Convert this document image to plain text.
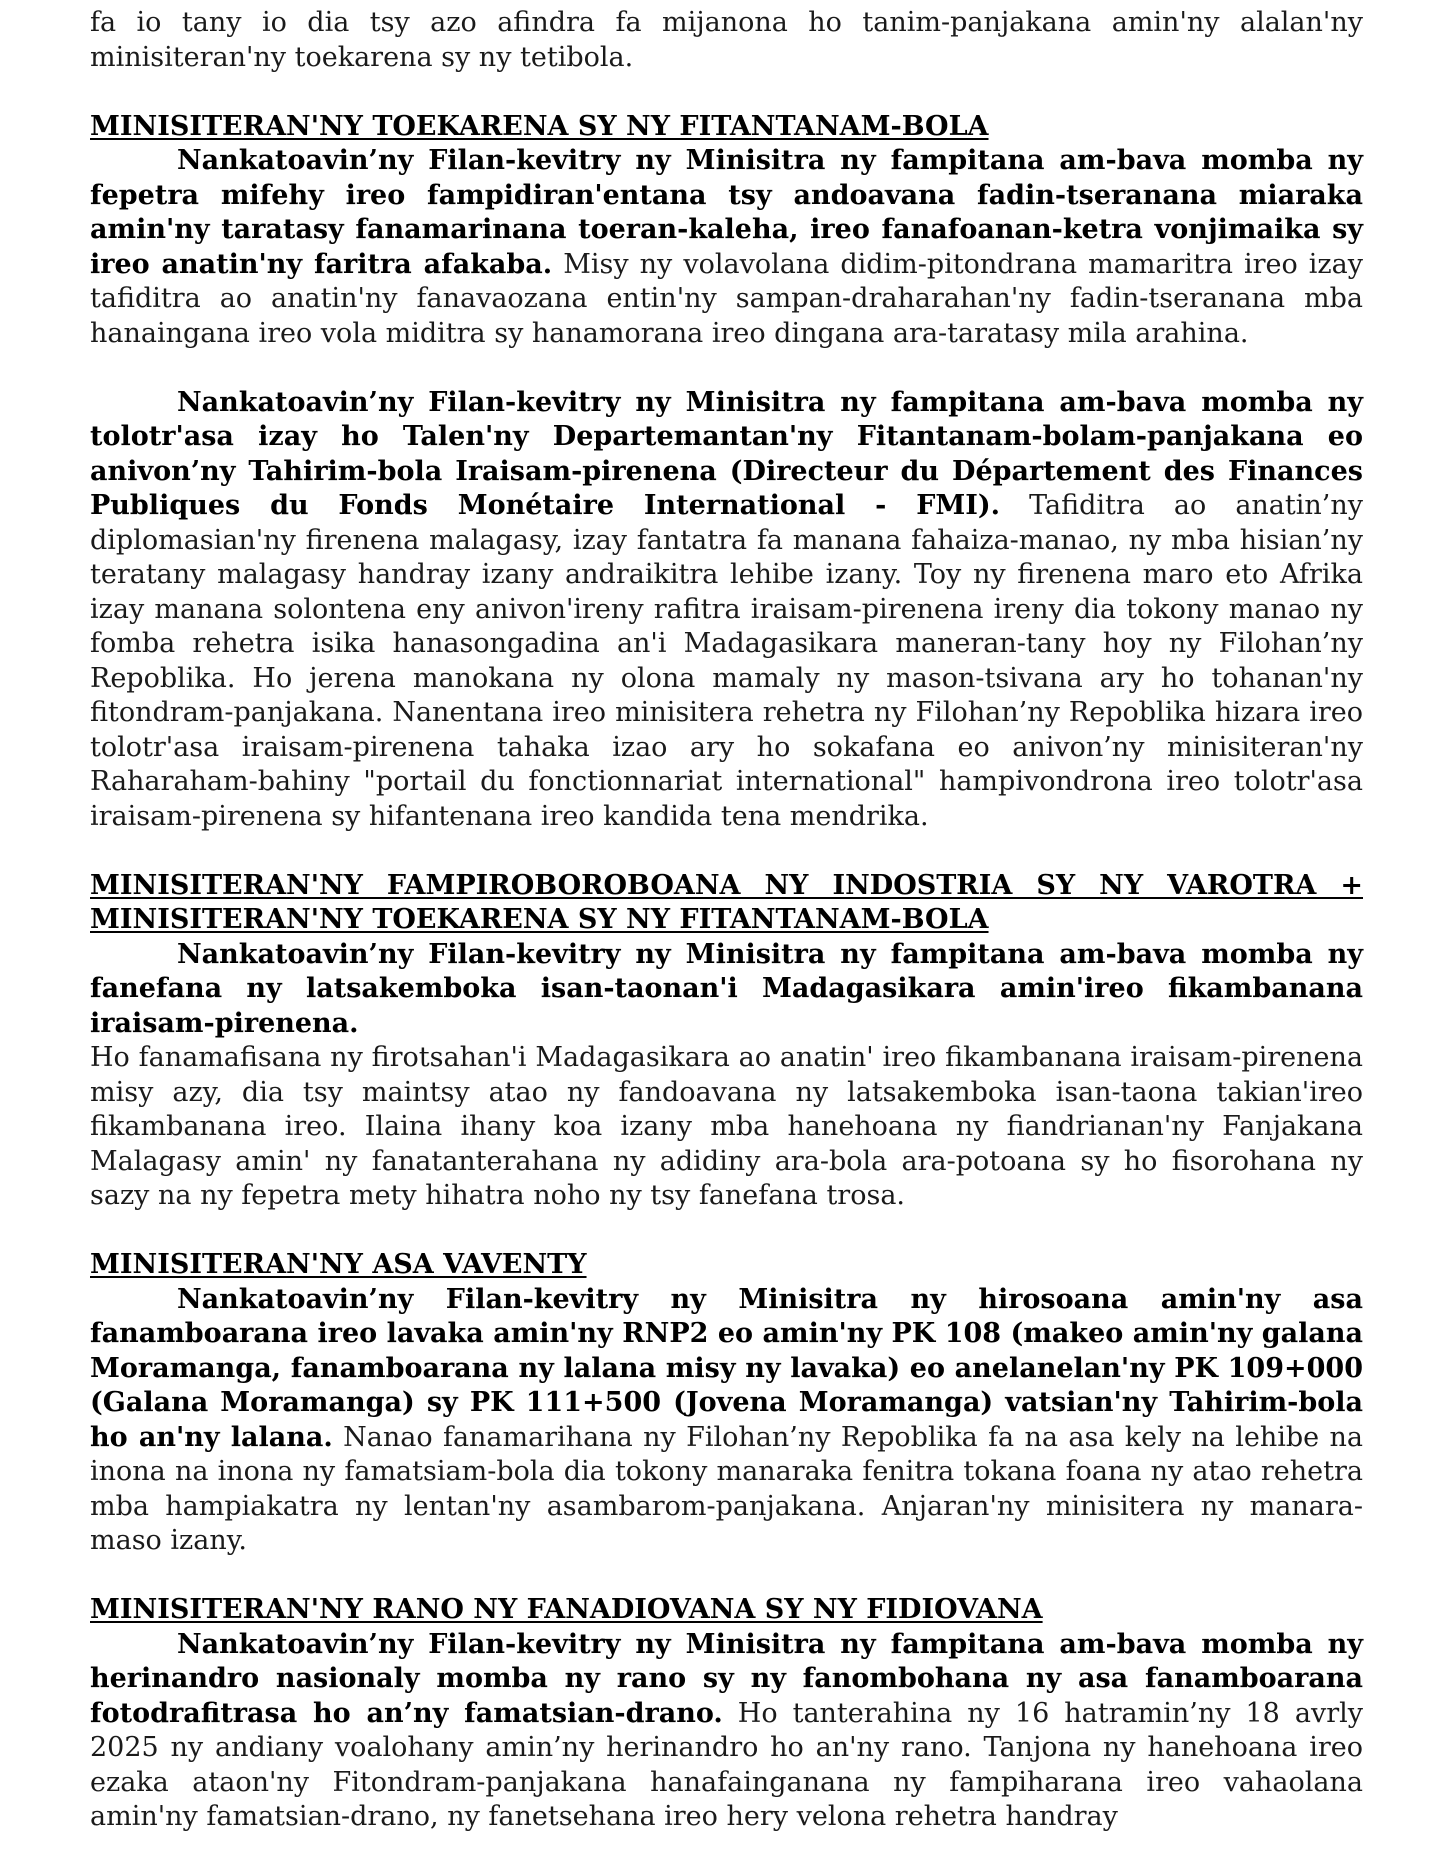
fa io tany io dia tsy azo afindra fa mijanona ho tanim-panjakana amin'ny alalan'ny minisiteran'ny toekarena sy ny tetibola.

MINISITERAN'NY TOEKARENA SY NY FITANTANAM-BOLA

Nankatoavin’ny Filan-kevitry ny Minisitra ny fampitana am-bava momba ny fepetra mifehy ireo fampidiran'entana tsy andoavana fadin-tseranana miaraka amin'ny taratasy fanamarinana toeran-kaleha, ireo fanafoanan-ketra vonjimaika sy ireo anatin'ny faritra afakaba. Misy ny volavolana didim-pitondrana mamaritra ireo izay tafiditra ao anatin'ny fanavaozana entin'ny sampan-draharahan'ny fadin-tseranana mba hanaingana ireo vola miditra sy hanamorana ireo dingana ara-taratasy mila arahina.

Nankatoavin’ny Filan-kevitry ny Minisitra ny fampitana am-bava momba ny tolotr'asa izay ho Talen'ny Departemantan'ny Fitantanam-bolam-panjakana eo anivon’ny Tahirim-bola Iraisam-pirenena (Directeur du Département des Finances Publiques du Fonds Monétaire International - FMI). Tafiditra ao anatin’ny diplomasian'ny firenena malagasy, izay fantatra fa manana fahaiza-manao, ny mba hisian’ny teratany malagasy handray izany andraikitra lehibe izany. Toy ny firenena maro eto Afrika izay manana solontena eny anivon'ireny rafitra iraisam-pirenena ireny dia tokony manao ny fomba rehetra isika hanasongadina an'i Madagasikara maneran-tany hoy ny Filohan’ny Repoblika. Ho jerena manokana ny olona mamaly ny mason-tsivana ary ho tohanan'ny fitondram-panjakana. Nanentana ireo minisitera rehetra ny Filohan’ny Repoblika hizara ireo tolotr'asa iraisam-pirenena tahaka izao ary ho sokafana eo anivon’ny minisiteran'ny Raharaham-bahiny "portail du fonctionnariat international" hampivondrona ireo tolotr'asa iraisam-pirenena sy hifantenana ireo kandida tena mendrika.

MINISITERAN'NY FAMPIROBOROBOANA NY INDOSTRIA SY NY VAROTRA + MINISITERAN'NY TOEKARENA SY NY FITANTANAM-BOLA

Nankatoavin’ny Filan-kevitry ny Minisitra ny fampitana am-bava momba ny fanefana ny latsakemboka isan-taonan'i Madagasikara amin'ireo fikambanana iraisam-pirenena.

Ho fanamafisana ny firotsahan'i Madagasikara ao anatin' ireo fikambanana iraisam-pirenena misy azy, dia tsy maintsy atao ny fandoavana ny latsakemboka isan-taona takian'ireo fikambanana ireo. Ilaina ihany koa izany mba hanehoana ny fiandrianan'ny Fanjakana Malagasy amin' ny fanatanterahana ny adidiny ara-bola ara-potoana sy ho fisorohana ny sazy na ny fepetra mety hihatra noho ny tsy fanefana trosa.

MINISITERAN'NY ASA VAVENTY

Nankatoavin’ny Filan-kevitry ny Minisitra ny hirosoana amin'ny asa fanamboarana ireo lavaka amin'ny RNP2 eo amin'ny PK 108 (makeo amin'ny galana Moramanga, fanamboarana ny lalana misy ny lavaka) eo anelanelan'ny PK 109+000 (Galana Moramanga) sy PK 111+500 (Jovena Moramanga) vatsian'ny Tahirim-bola ho an'ny lalana. Nanao fanamarihana ny Filohan’ny Repoblika fa na asa kely na lehibe na inona na inona ny famatsiam-bola dia tokony manaraka fenitra tokana foana ny atao rehetra mba hampiakatra ny lentan'ny asambarom-panjakana. Anjaran'ny minisitera ny manara-maso izany.

MINISITERAN'NY RANO NY FANADIOVANA SY NY FIDIOVANA

Nankatoavin’ny Filan-kevitry ny Minisitra ny fampitana am-bava momba ny herinandro nasionaly momba ny rano sy ny fanombohana ny asa fanamboarana fotodrafitrasa ho an’ny famatsian-drano. Ho tanterahina ny 16 hatramin’ny 18 avrly 2025 ny andiany voalohany amin’ny herinandro ho an'ny rano. Tanjona ny hanehoana ireo ezaka ataon'ny Fitondram-panjakana hanafainganana ny fampiharana ireo vahaolana amin'ny famatsian-drano, ny fanetsehana ireo hery velona rehetra handray
